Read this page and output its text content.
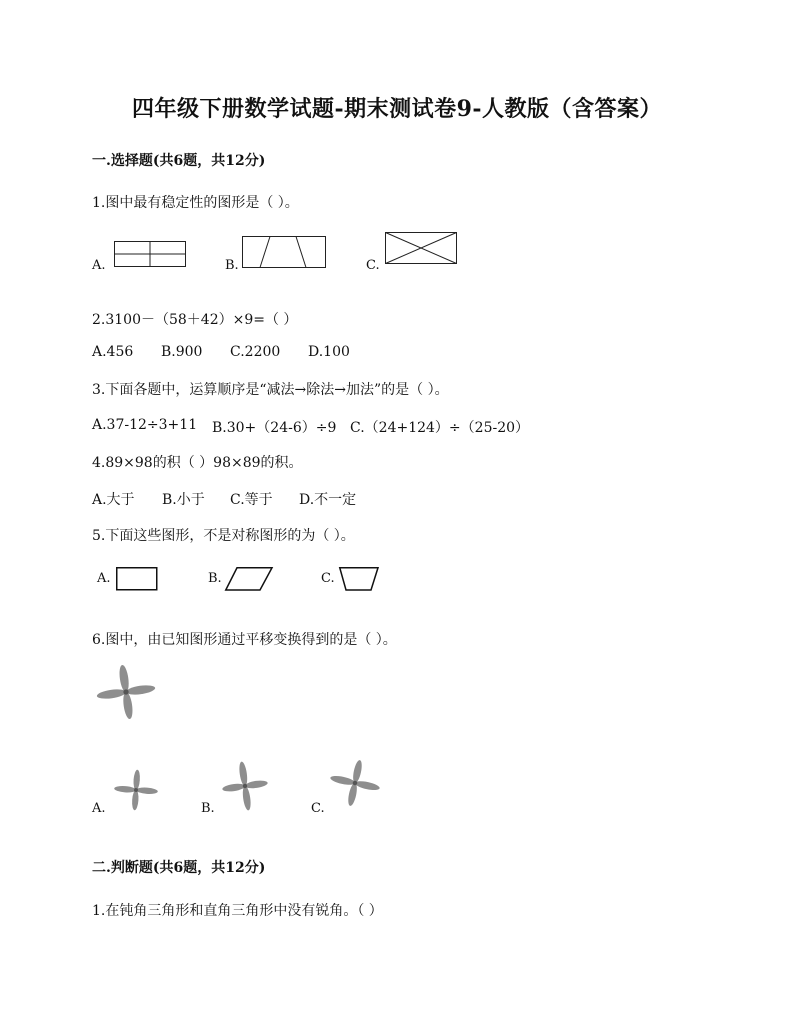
四年级下册数学试题-期末测试卷9-人教版（含答案）
一.选择题(共6题，共12分)
1.图中最有稳定性的图形是（ ）。
A.	B.	C.
2.3100－（58＋42）×9=（ ）
A.456 B.900 C.2200 D.100
3.下面各题中，运算顺序是“减法→除法→加法”的是（ ）。
A.37-12÷3+11 B.30+（24-6）÷9 C.（24+124）÷（25-20）
4.89×98的积（ ）98×89的积。
A.大于 B.小于 C.等于 D.不一定
5.下面这些图形，不是对称图形的为（ ）。
A.	B.	C.
6.图中，由已知图形通过平移变换得到的是（ ）。
A.	B.	C.
二.判断题(共6题，共12分)
1.在钝角三角形和直角三角形中没有锐角。（ ）
